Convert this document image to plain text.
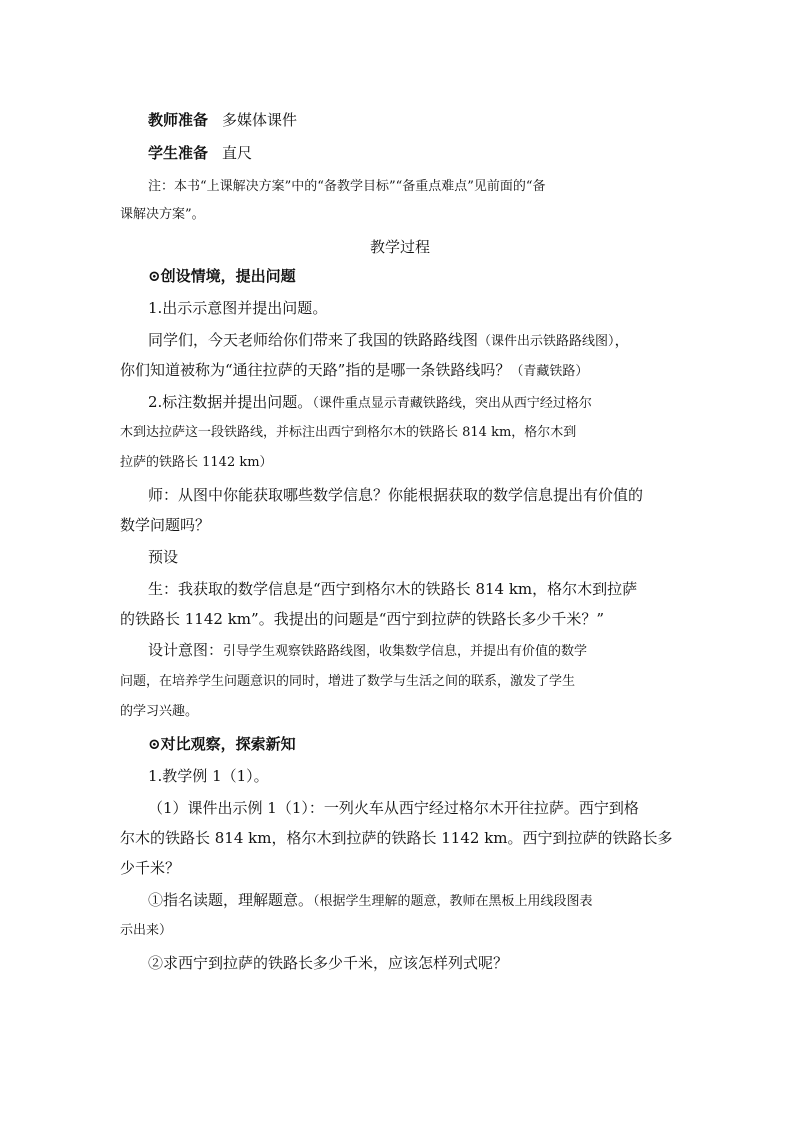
教师准备 多媒体课件
学生准备 直尺
注：本书“上课解决方案”中的“备教学目标”“备重点难点”见前面的“备
课解决方案”。
教学过程
⊙创设情境，提出问题
1.出示示意图并提出问题。
同学们，今天老师给你们带来了我国的铁路路线图（课件出示铁路路线图），
你们知道被称为“通往拉萨的天路”指的是哪一条铁路线吗？（青藏铁路）
2.标注数据并提出问题。（课件重点显示青藏铁路线，突出从西宁经过格尔
木到达拉萨这一段铁路线，并标注出西宁到格尔木的铁路长 814 km，格尔木到
拉萨的铁路长 1142 km）
师：从图中你能获取哪些数学信息？你能根据获取的数学信息提出有价值的
数学问题吗？
预设
生：我获取的数学信息是“西宁到格尔木的铁路长 814 km，格尔木到拉萨
的铁路长 1142 km”。我提出的问题是“西宁到拉萨的铁路长多少千米？”
设计意图：引导学生观察铁路路线图，收集数学信息，并提出有价值的数学
问题，在培养学生问题意识的同时，增进了数学与生活之间的联系，激发了学生
的学习兴趣。
⊙对比观察，探索新知
1.教学例 1（1）。
（1）课件出示例 1（1）：一列火车从西宁经过格尔木开往拉萨。西宁到格
尔木的铁路长 814 km，格尔木到拉萨的铁路长 1142 km。西宁到拉萨的铁路长多
少千米？
①指名读题，理解题意。（根据学生理解的题意，教师在黑板上用线段图表
示出来）
②求西宁到拉萨的铁路长多少千米，应该怎样列式呢？
